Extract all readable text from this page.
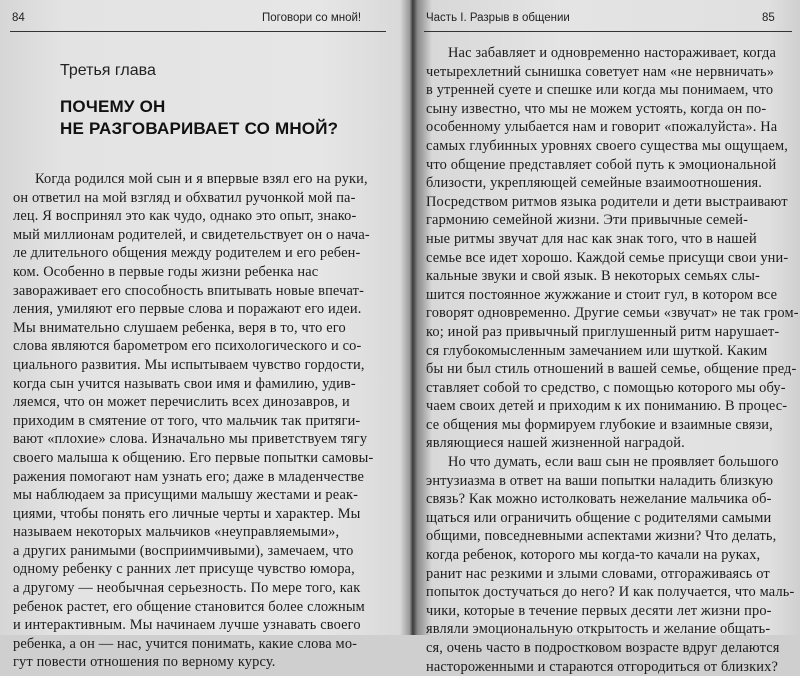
84	Поговори со мной!
Третья глава
ПОЧЕМУ ОН
НЕ РАЗГОВАРИВАЕТ СО МНОЙ?
Когда родился мой сын и я впервые взял его на руки,
он ответил на мой взгляд и обхватил ручонкой мой па-
лец. Я воспринял это как чудо, однако это опыт, знако-
мый миллионам родителей, и свидетельствует он о нача-
ле длительного общения между родителем и его ребен-
ком. Особенно в первые годы жизни ребенка нас
завораживает его способность впитывать новые впечат-
ления, умиляют его первые слова и поражают его идеи.
Мы внимательно слушаем ребенка, веря в то, что его
слова являются барометром его психологического и со-
циального развития. Мы испытываем чувство гордости,
когда сын учится называть свои имя и фамилию, удив-
ляемся, что он может перечислить всех динозавров, и
приходим в смятение от того, что мальчик так притяги-
вают «плохие» слова. Изначально мы приветствуем тягу
своего малыша к общению. Его первые попытки самовы-
ражения помогают нам узнать его; даже в младенчестве
мы наблюдаем за присущими малышу жестами и реак-
циями, чтобы понять его личные черты и характер. Мы
называем некоторых мальчиков «неуправляемыми»,
а других ранимыми (восприимчивыми), замечаем, что
одному ребенку с ранних лет присуще чувство юмора,
а другому — необычная серьезность. По мере того, как
ребенок растет, его общение становится более сложным
и интерактивным. Мы начинаем лучше узнавать своего
ребенка, а он — нас, учится понимать, какие слова мо-
гут повести отношения по верному курсу.
Часть I. Разрыв в общении	85
Нас забавляет и одновременно настораживает, когда
четырехлетний сынишка советует нам «не нервничать»
в утренней суете и спешке или когда мы понимаем, что
сыну известно, что мы не можем устоять, когда он по-
особенному улыбается нам и говорит «пожалуйста». На
самых глубинных уровнях своего существа мы ощущаем,
что общение представляет собой путь к эмоциональной
близости, укрепляющей семейные взаимоотношения.
Посредством ритмов языка родители и дети выстраивают
гармонию семейной жизни. Эти привычные семей-
ные ритмы звучат для нас как знак того, что в нашей
семье все идет хорошо. Каждой семье присущи свои уни-
кальные звуки и свой язык. В некоторых семьях слы-
шится постоянное жужжание и стоит гул, в котором все
говорят одновременно. Другие семьи «звучат» не так гром-
ко; иной раз привычный приглушенный ритм нарушает-
ся глубокомысленным замечанием или шуткой. Каким
бы ни был стиль отношений в вашей семье, общение пред-
ставляет собой то средство, с помощью которого мы обу-
чаем своих детей и приходим к их пониманию. В процес-
се общения мы формируем глубокие и взаимные связи,
являющиеся нашей жизненной наградой.
Но что думать, если ваш сын не проявляет большого
энтузиазма в ответ на ваши попытки наладить близкую
связь? Как можно истолковать нежелание мальчика об-
щаться или ограничить общение с родителями самыми
общими, повседневными аспектами жизни? Что делать,
когда ребенок, которого мы когда-то качали на руках,
ранит нас резкими и злыми словами, отгораживаясь от
попыток достучаться до него? И как получается, что маль-
чики, которые в течение первых десяти лет жизни про-
являли эмоциональную открытость и желание общать-
ся, очень часто в подростковом возрасте вдруг делаются
настороженными и стараются отгородиться от близких?
